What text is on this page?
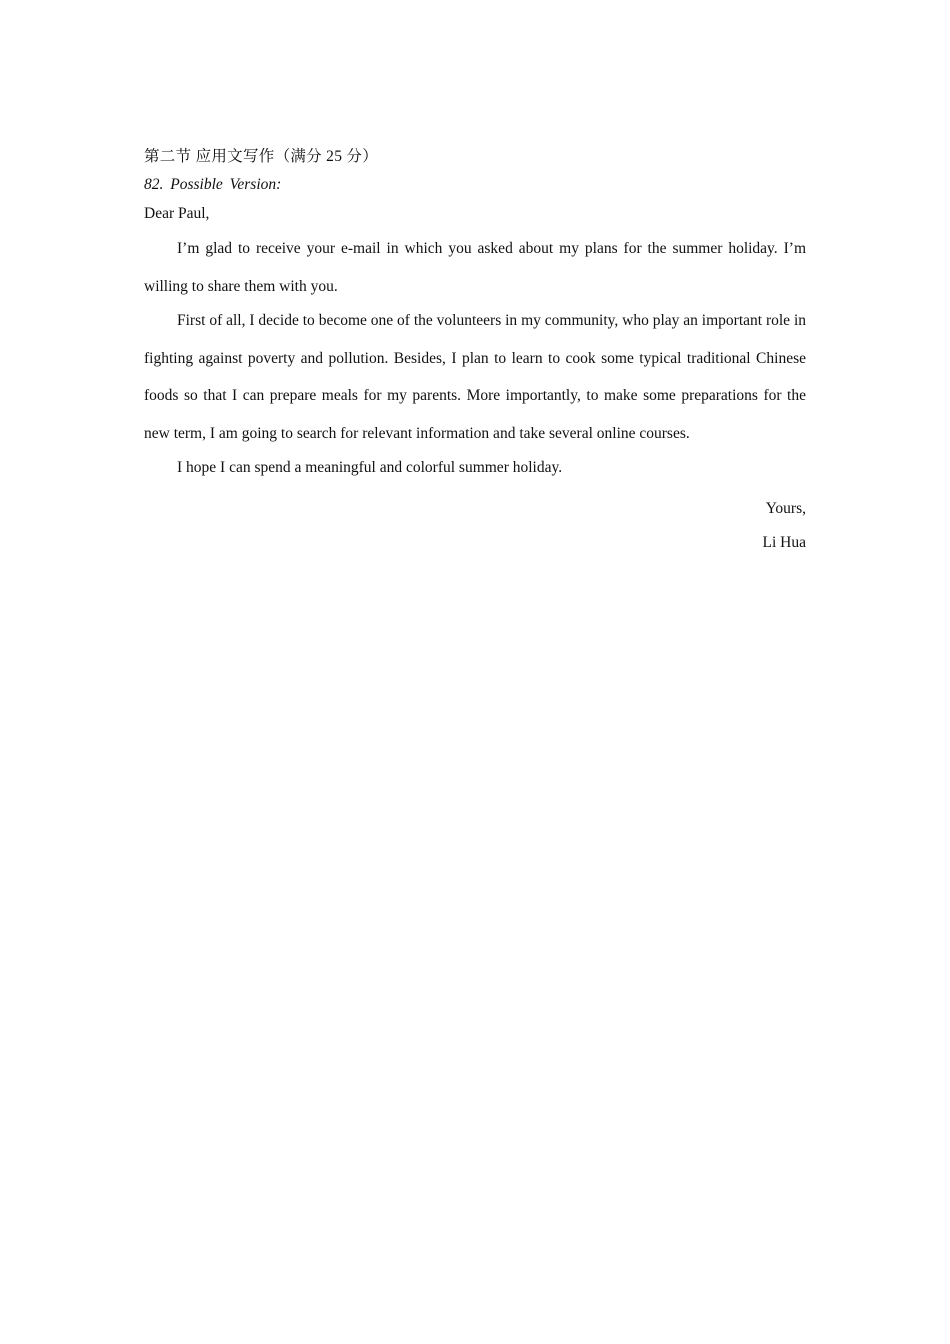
第二节 应用文写作（满分 25 分）
82. Possible Version:
Dear Paul,

I’m glad to receive your e-mail in which you asked about my plans for the summer holiday. I’m willing to share them with you.

First of all, I decide to become one of the volunteers in my community, who play an important role in fighting against poverty and pollution. Besides, I plan to learn to cook some typical traditional Chinese foods so that I can prepare meals for my parents. More importantly, to make some preparations for the new term, I am going to search for relevant information and take several online courses.

I hope I can spend a meaningful and colorful summer holiday.

Yours,
Li Hua
